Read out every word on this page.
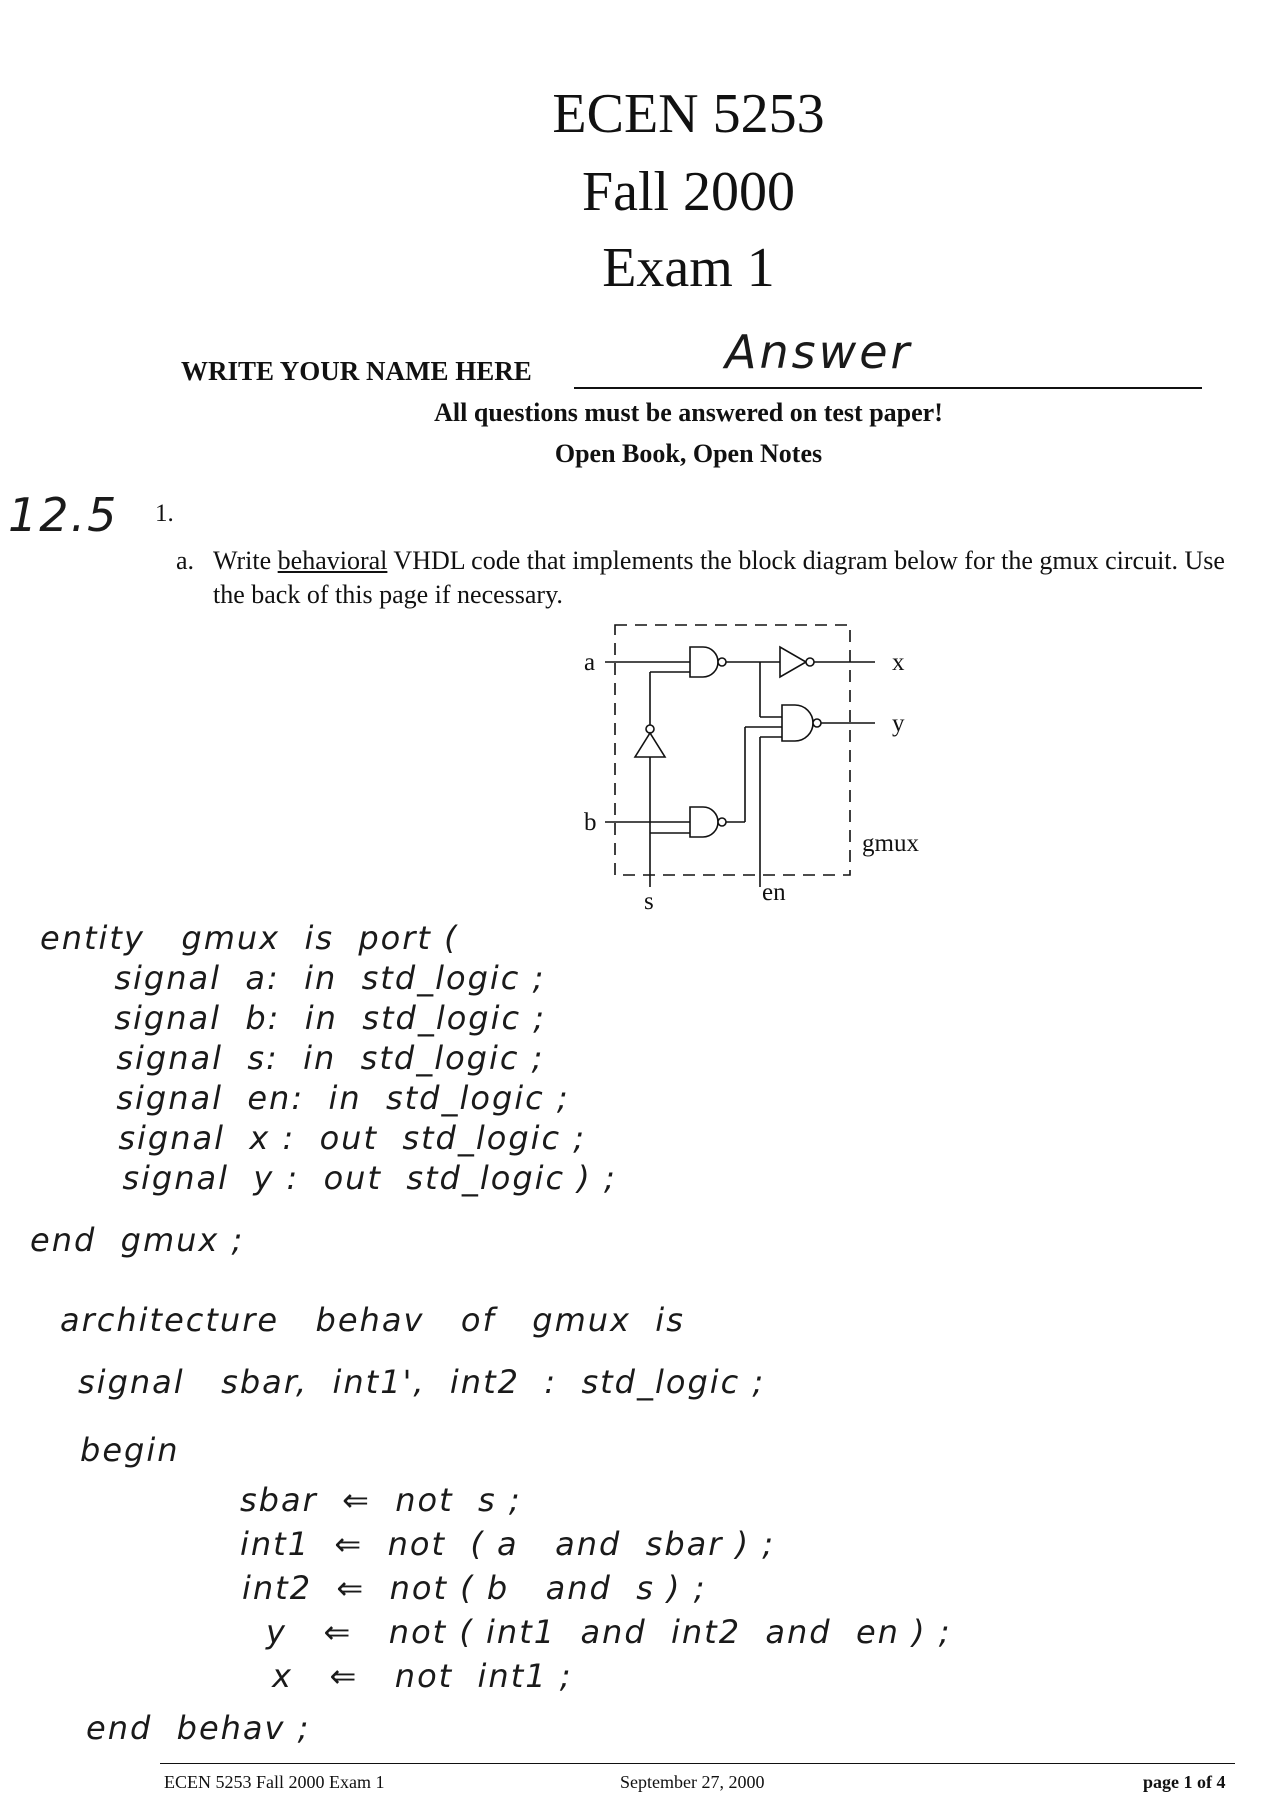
ECEN 5253
Fall 2000
Exam 1
WRITE YOUR NAME HERE	Answer
All questions must be answered on test paper!
Open Book, Open Notes
12.5 1.
a. Write behavioral VHDL code that implements the block diagram below for the gmux circuit. Use the back of this page if necessary.
a
b
s	en
x
y
gmux
entity   gmux  is  port (
signal  a:  in  std_logic ;
signal  b:  in  std_logic ;
signal  s:  in  std_logic ;
signal  en:  in  std_logic ;
signal  x :  out  std_logic ;
signal  y :  out  std_logic ) ;
end  gmux ;
architecture   behav   of   gmux  is
signal   sbar,  int1',  int2  :  std_logic ;
begin
sbar  ⇐  not  s ;
int1  ⇐  not  ( a   and  sbar ) ;
int2  ⇐  not ( b   and  s ) ;
y   ⇐   not ( int1  and  int2  and  en ) ;
x   ⇐   not  int1 ;
end  behav ;
ECEN 5253 Fall 2000 Exam 1	September 27, 2000	page 1 of 4
